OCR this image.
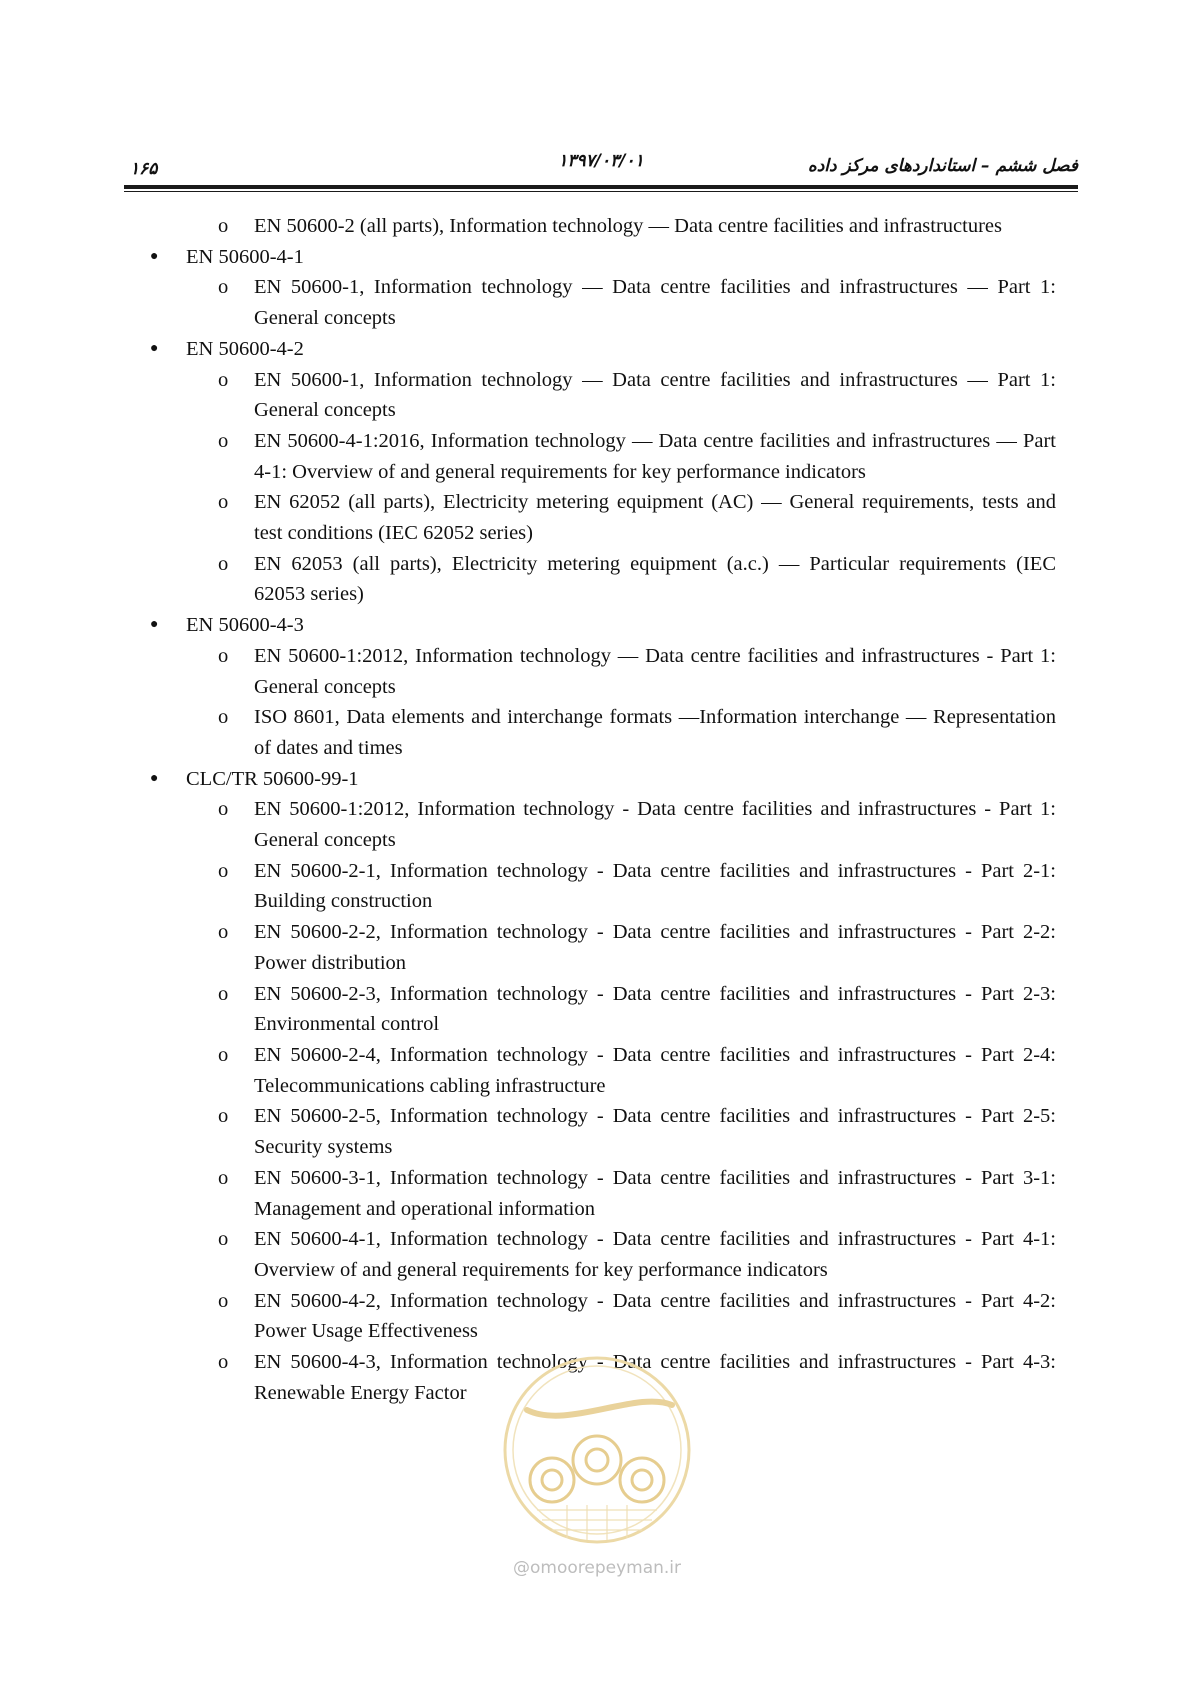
۱۶۵	۱۳۹۷/۰۳/۰۱	فصل ششم – استانداردهای مرکز داده
o EN 50600-2 (all parts), Information technology — Data centre facilities and infrastructures
● EN 50600-4-1
o EN 50600-1, Information technology — Data centre facilities and infrastructures — Part 1: General concepts
● EN 50600-4-2
o EN 50600-1, Information technology — Data centre facilities and infrastructures — Part 1: General concepts
o EN 50600-4-1:2016, Information technology — Data centre facilities and infrastructures — Part 4-1: Overview of and general requirements for key performance indicators
o EN 62052 (all parts), Electricity metering equipment (AC) — General requirements, tests and test conditions (IEC 62052 series)
o EN 62053 (all parts), Electricity metering equipment (a.c.) — Particular requirements (IEC 62053 series)
● EN 50600-4-3
o EN 50600-1:2012, Information technology — Data centre facilities and infrastructures - Part 1: General concepts
o ISO 8601, Data elements and interchange formats —Information interchange — Representation of dates and times
● CLC/TR 50600-99-1
o EN 50600-1:2012, Information technology - Data centre facilities and infrastructures - Part 1: General concepts
o EN 50600-2-1, Information technology - Data centre facilities and infrastructures - Part 2-1: Building construction
o EN 50600-2-2, Information technology - Data centre facilities and infrastructures - Part 2-2: Power distribution
o EN 50600-2-3, Information technology - Data centre facilities and infrastructures - Part 2-3: Environmental control
o EN 50600-2-4, Information technology - Data centre facilities and infrastructures - Part 2-4: Telecommunications cabling infrastructure
o EN 50600-2-5, Information technology - Data centre facilities and infrastructures - Part 2-5: Security systems
o EN 50600-3-1, Information technology - Data centre facilities and infrastructures - Part 3-1: Management and operational information
o EN 50600-4-1, Information technology - Data centre facilities and infrastructures - Part 4-1: Overview of and general requirements for key performance indicators
o EN 50600-4-2, Information technology - Data centre facilities and infrastructures - Part 4-2: Power Usage Effectiveness
o EN 50600-4-3, Information technology - Data centre facilities and infrastructures - Part 4-3: Renewable Energy Factor
@omoorepeyman.ir
